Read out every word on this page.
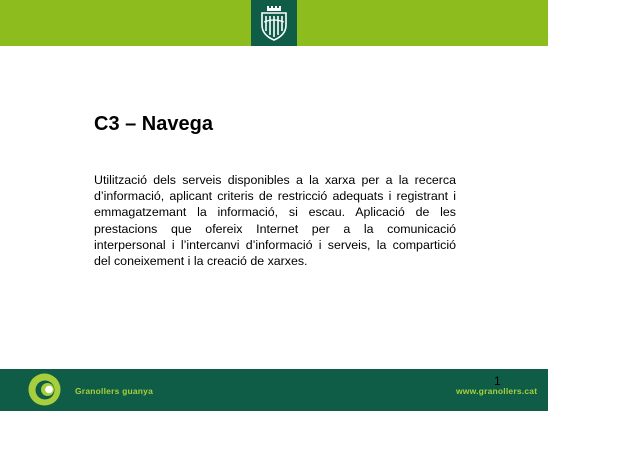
C3 – Navega

Utilització dels serveis disponibles a la xarxa per a la recerca d’informació, aplicant criteris de restricció adequats i registrant i emmagatzemant la informació, si escau. Aplicació de les prestacions que ofereix Internet per a la comunicació interpersonal i l’intercanvi d’informació i serveis, la compartició del coneixement i la creació de xarxes.

Granollers guanya	www.granollers.cat
1
